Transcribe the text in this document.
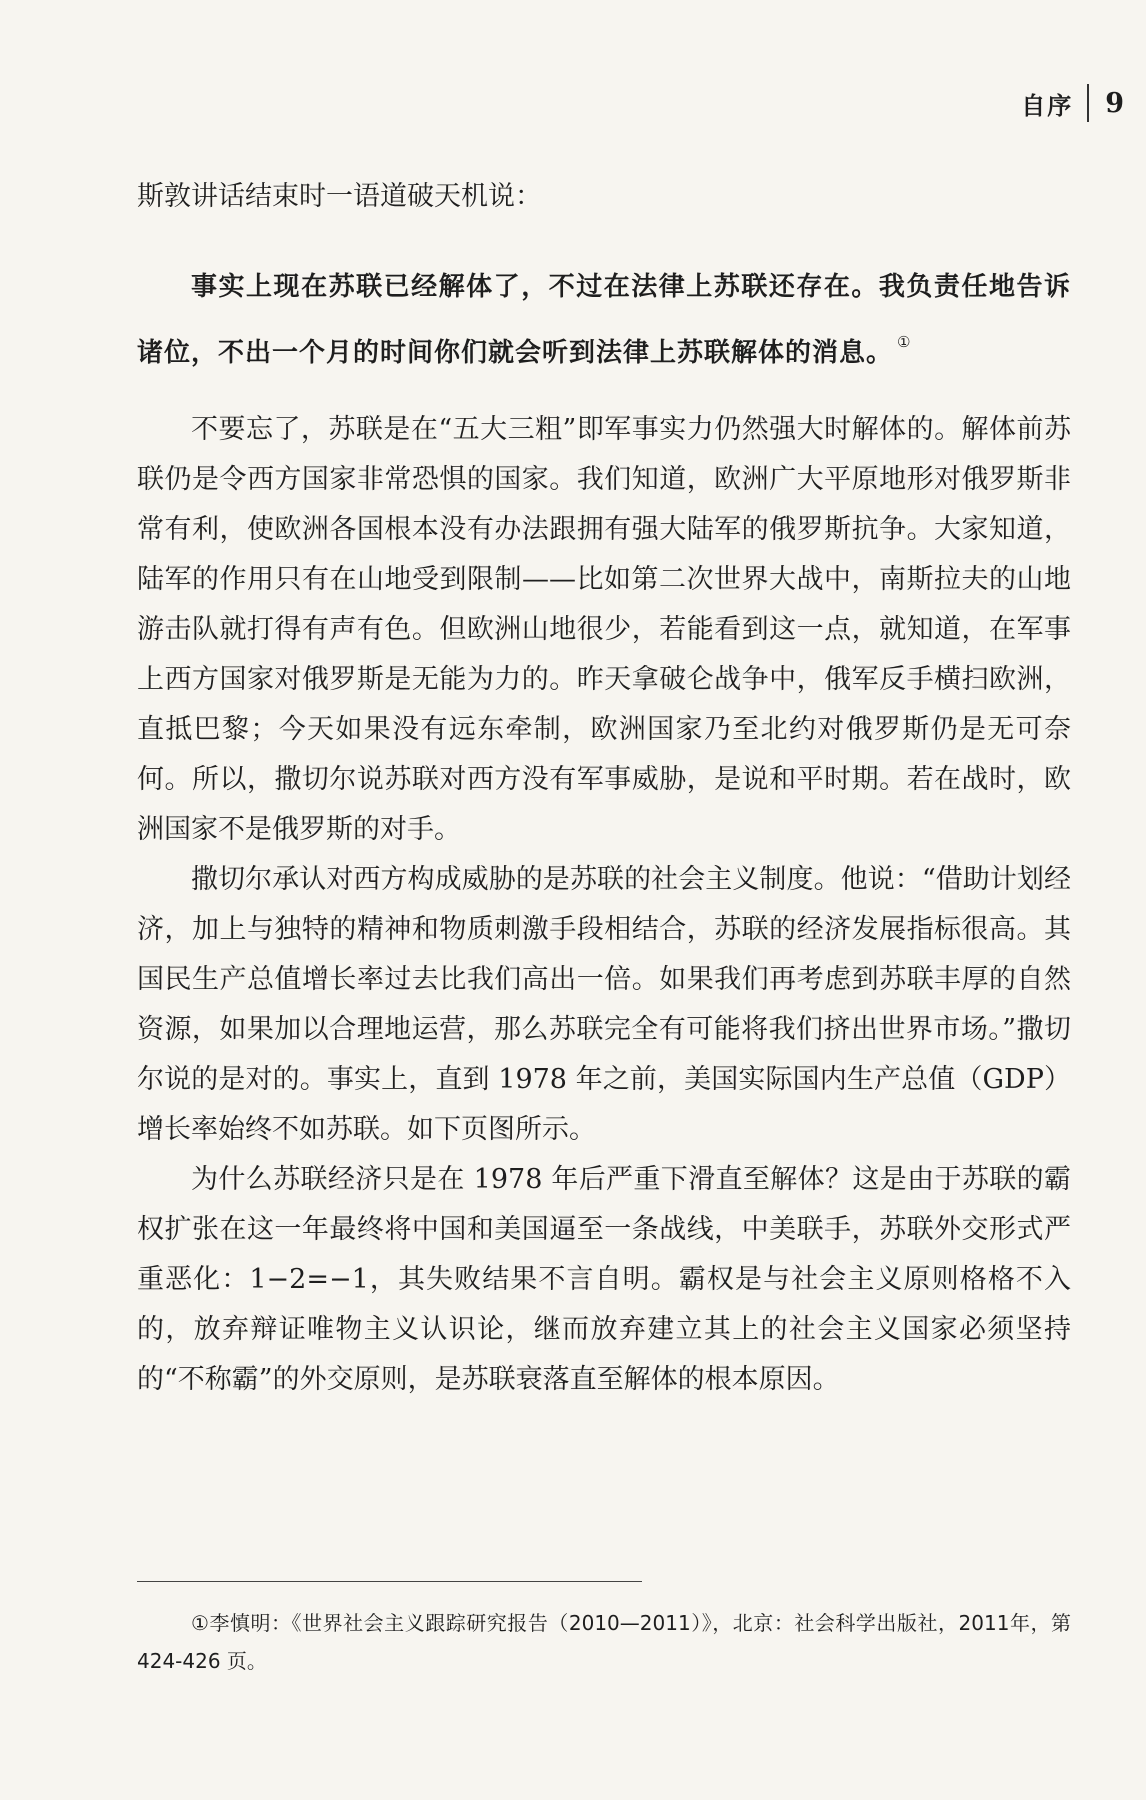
自序 9

斯敦讲话结束时一语道破天机说：

事实上现在苏联已经解体了，不过在法律上苏联还存在。我负责任地告诉诸位，不出一个月的时间你们就会听到法律上苏联解体的消息。 ①

不要忘了，苏联是在“五大三粗”即军事实力仍然强大时解体的。解体前苏联仍是令西方国家非常恐惧的国家。我们知道，欧洲广大平原地形对俄罗斯非常有利，使欧洲各国根本没有办法跟拥有强大陆军的俄罗斯抗争。大家知道，陆军的作用只有在山地受到限制——比如第二次世界大战中，南斯拉夫的山地游击队就打得有声有色。但欧洲山地很少，若能看到这一点，就知道，在军事上西方国家对俄罗斯是无能为力的。昨天拿破仑战争中，俄军反手横扫欧洲，直抵巴黎；今天如果没有远东牵制，欧洲国家乃至北约对俄罗斯仍是无可奈何。所以，撒切尔说苏联对西方没有军事威胁，是说和平时期。若在战时，欧洲国家不是俄罗斯的对手。

撒切尔承认对西方构成威胁的是苏联的社会主义制度。他说：“借助计划经济，加上与独特的精神和物质刺激手段相结合，苏联的经济发展指标很高。其国民生产总值增长率过去比我们高出一倍。如果我们再考虑到苏联丰厚的自然资源，如果加以合理地运营，那么苏联完全有可能将我们挤出世界市场。”撒切尔说的是对的。事实上，直到 1978 年之前，美国实际国内生产总值（GDP）增长率始终不如苏联。如下页图所示。

为什么苏联经济只是在 1978 年后严重下滑直至解体？这是由于苏联的霸权扩张在这一年最终将中国和美国逼至一条战线，中美联手，苏联外交形式严重恶化：1−2=−1，其失败结果不言自明。霸权是与社会主义原则格格不入的，放弃辩证唯物主义认识论，继而放弃建立其上的社会主义国家必须坚持的“不称霸”的外交原则，是苏联衰落直至解体的根本原因。

①李慎明：《世界社会主义跟踪研究报告（2010—2011）》，北京：社会科学出版社，2011年，第 424-426 页。
